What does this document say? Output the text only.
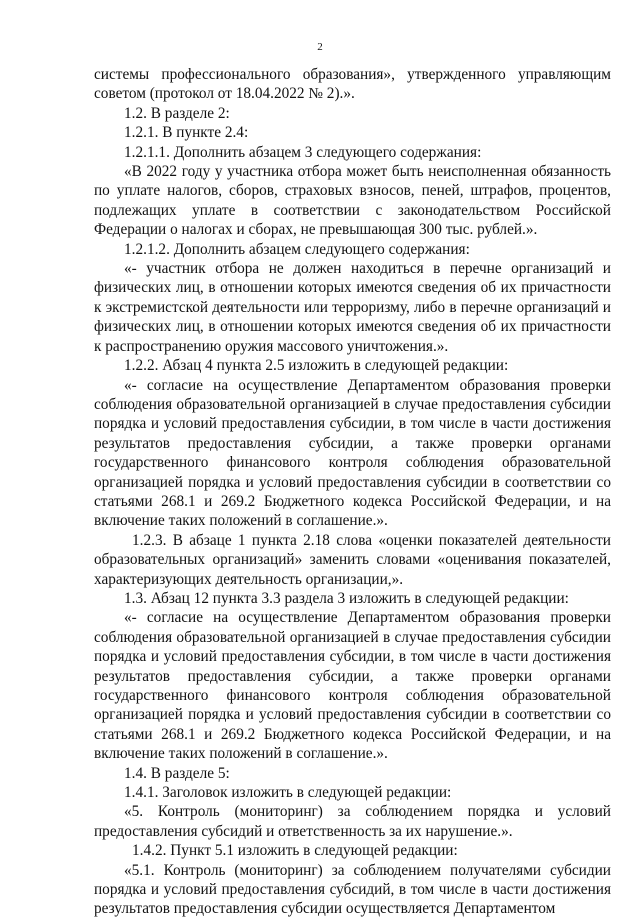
2

системы профессионального образования», утвержденного управляющим советом (протокол от 18.04.2022 № 2).».

1.2. В разделе 2:

1.2.1. В пункте 2.4:

1.2.1.1. Дополнить абзацем 3 следующего содержания:

«В 2022 году у участника отбора может быть неисполненная обязанность по уплате налогов, сборов, страховых взносов, пеней, штрафов, процентов, подлежащих уплате в соответствии с законодательством Российской Федерации о налогах и сборах, не превышающая 300 тыс. рублей.».

1.2.1.2. Дополнить абзацем следующего содержания:

«- участник отбора не должен находиться в перечне организаций и физических лиц, в отношении которых имеются сведения об их причастности к экстремистской деятельности или терроризму, либо в перечне организаций и физических лиц, в отношении которых имеются сведения об их причастности к распространению оружия массового уничтожения.».

1.2.2. Абзац 4 пункта 2.5 изложить в следующей редакции:

«- согласие на осуществление Департаментом образования проверки соблюдения образовательной организацией в случае предоставления субсидии порядка и условий предоставления субсидии, в том числе в части достижения результатов предоставления субсидии, а также проверки органами государственного финансового контроля соблюдения образовательной организацией порядка и условий предоставления субсидии в соответствии со статьями 268.1 и 269.2 Бюджетного кодекса Российской Федерации, и на включение таких положений в соглашение.».

1.2.3. В абзаце 1 пункта 2.18 слова «оценки показателей деятельности образовательных организаций» заменить словами «оценивания показателей, характеризующих деятельность организации,».

1.3. Абзац 12 пункта 3.3 раздела 3 изложить в следующей редакции:

«- согласие на осуществление Департаментом образования проверки соблюдения образовательной организацией в случае предоставления субсидии порядка и условий предоставления субсидии, в том числе в части достижения результатов предоставления субсидии, а также проверки органами государственного финансового контроля соблюдения образовательной организацией порядка и условий предоставления субсидии в соответствии со статьями 268.1 и 269.2 Бюджетного кодекса Российской Федерации, и на включение таких положений в соглашение.».

1.4. В разделе 5:

1.4.1. Заголовок изложить в следующей редакции:

«5. Контроль (мониторинг) за соблюдением порядка и условий предоставления субсидий и ответственность за их нарушение.».

1.4.2. Пункт 5.1 изложить в следующей редакции:

«5.1. Контроль (мониторинг) за соблюдением получателями субсидии порядка и условий предоставления субсидий, в том числе в части достижения результатов предоставления субсидии осуществляется Департаментом
